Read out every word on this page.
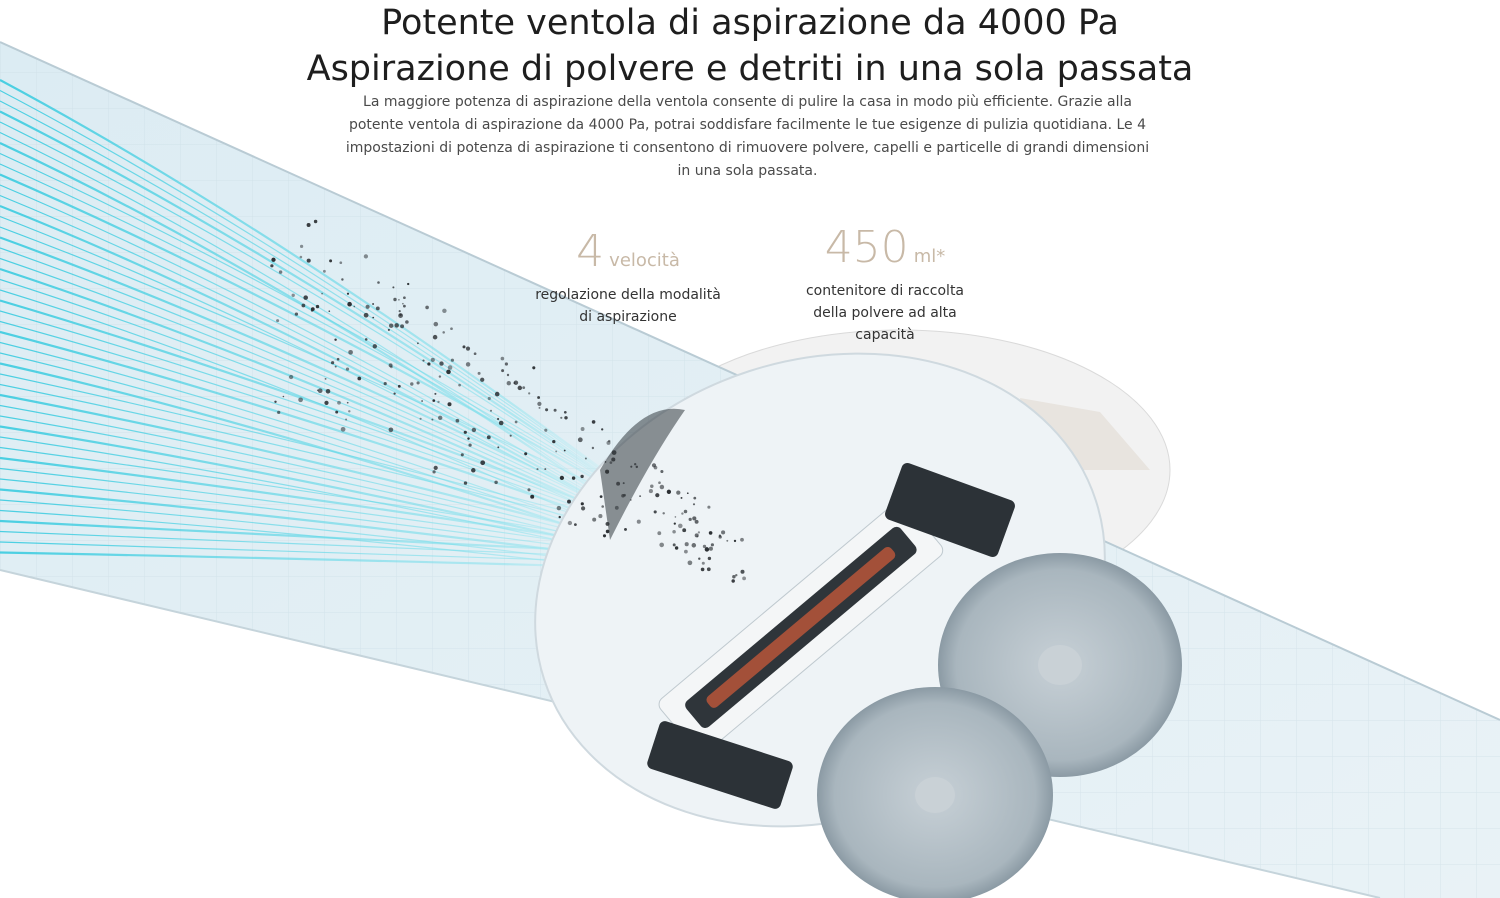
Potente ventola di aspirazione da 4000 Pa
Aspirazione di polvere e detriti in una sola passata
La maggiore potenza di aspirazione della ventola consente di pulire la casa in modo più efficiente. Grazie alla potente ventola di aspirazione da 4000 Pa, potrai soddisfare facilmente le tue esigenze di pulizia quotidiana. Le 4 impostazioni di potenza di aspirazione ti consentono di rimuovere polvere, capelli e particelle di grandi dimensioni in una sola passata.
4 velocità
regolazione della modalità di aspirazione
450 ml*
contenitore di raccolta della polvere ad alta capacità
